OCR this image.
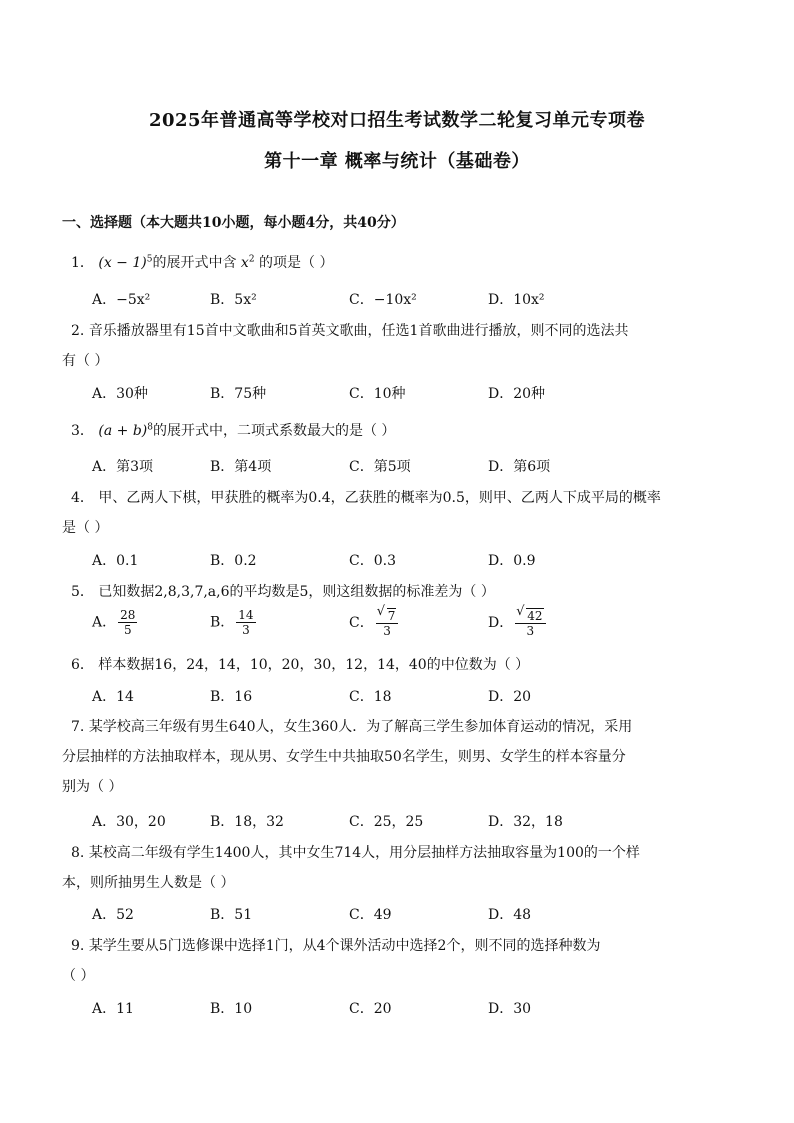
2025年普通高等学校对口招生考试数学二轮复习单元专项卷
第十一章 概率与统计（基础卷）
一、选择题（本大题共10小题，每小题4分，共40分）
1． $(x - 1)^5$的展开式中含 $x^2$ 的项是（ ）
A．−5x²	B．5x²	C．−10x²	D．10x²
2. 音乐播放器里有15首中文歌曲和5首英文歌曲，任选1首歌曲进行播放，则不同的选法共
有（ ）
A．30种	B．75种	C．10种	D．20种
3． $(a + b)^8$的展开式中，二项式系数最大的是（ ）
A．第3项	B．第4项	C．第5项	D．第6项
4． 甲、乙两人下棋，甲获胜的概率为0.4，乙获胜的概率为0.5，则甲、乙两人下成平局的概率
是（ ）
A．0.1	B．0.2	C．0.3	D．0.9
5． 已知数据2,8,3,7,a,6的平均数是5，则这组数据的标准差为（ ）
A． $\frac{28}{5}$	B． $\frac{14}{3}$	C． √ $\frac{7}{3}$	D． √ $\frac{42}{3}$
6． 样本数据16，24，14，10，20，30，12，14，40的中位数为（ ）
A．14	B．16	C．18	D．20
7. 某学校高三年级有男生640人，女生360人．为了解高三学生参加体育运动的情况，采用
分层抽样的方法抽取样本，现从男、女学生中共抽取50名学生，则男、女学生的样本容量分
别为（ ）
A．30，20	B．18，32	C．25，25	D．32，18
8. 某校高二年级有学生1400人，其中女生714人，用分层抽样方法抽取容量为100的一个样
本，则所抽男生人数是（ ）
A．52	B．51	C．49	D．48
9. 某学生要从5门选修课中选择1门，从4个课外活动中选择2个，则不同的选择种数为
（ ）
A．11	B．10	C．20	D．30
